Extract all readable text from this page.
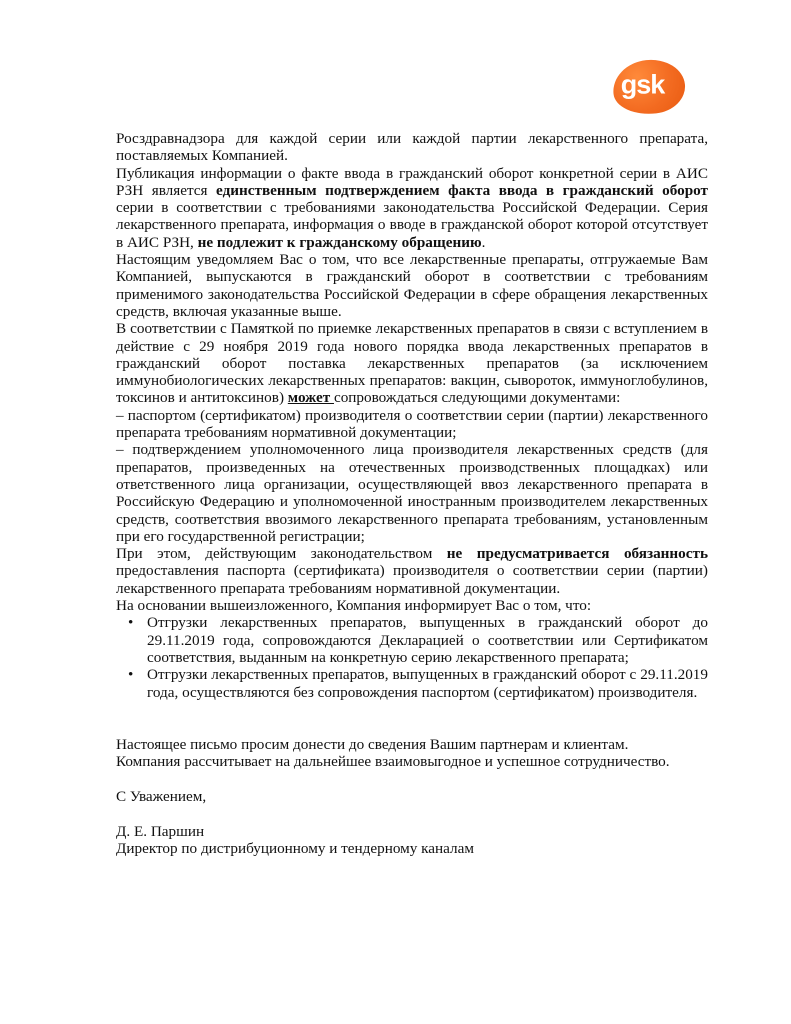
gsk

Росздравнадзора для каждой серии или каждой партии лекарственного препарата, поставляемых Компанией.

Публикация информации о факте ввода в гражданский оборот конкретной серии в АИС РЗН является единственным подтверждением факта ввода в гражданский оборот серии в соответствии с требованиями законодательства Российской Федерации. Серия лекарственного препарата, информация о вводе в гражданской оборот которой отсутствует в АИС РЗН, не подлежит к гражданскому обращению.

Настоящим уведомляем Вас о том, что все лекарственные препараты, отгружаемые Вам Компанией, выпускаются в гражданский оборот в соответствии с требованиям применимого законодательства Российской Федерации в сфере обращения лекарственных средств, включая указанные выше.

В соответствии с Памяткой по приемке лекарственных препаратов в связи с вступлением в действие с 29 ноября 2019 года нового порядка ввода лекарственных препаратов в гражданский оборот поставка лекарственных препаратов (за исключением иммунобиологических лекарственных препаратов: вакцин, сывороток, иммуноглобулинов, токсинов и антитоксинов) может сопровождаться следующими документами:

– паспортом (сертификатом) производителя о соответствии серии (партии) лекарственного препарата требованиям нормативной документации;

– подтверждением уполномоченного лица производителя лекарственных средств (для препаратов, произведенных на отечественных производственных площадках) или ответственного лица организации, осуществляющей ввоз лекарственного препарата в Российскую Федерацию и уполномоченной иностранным производителем лекарственных средств, соответствия ввозимого лекарственного препарата требованиям, установленным при его государственной регистрации;

При этом, действующим законодательством не предусматривается обязанность предоставления паспорта (сертификата) производителя о соответствии серии (партии) лекарственного препарата требованиям нормативной документации.

На основании вышеизложенного, Компания информирует Вас о том, что:

• Отгрузки лекарственных препаратов, выпущенных в гражданский оборот до 29.11.2019 года, сопровождаются Декларацией о соответствии или Сертификатом соответствия, выданным на конкретную серию лекарственного препарата;
• Отгрузки лекарственных препаратов, выпущенных в гражданский оборот с 29.11.2019 года, осуществляются без сопровождения паспортом (сертификатом) производителя.

Настоящее письмо просим донести до сведения Вашим партнерам и клиентам.

Компания рассчитывает на дальнейшее взаимовыгодное и успешное сотрудничество.

С Уважением,

Д. Е. Паршин

Директор по дистрибуционному и тендерному каналам
